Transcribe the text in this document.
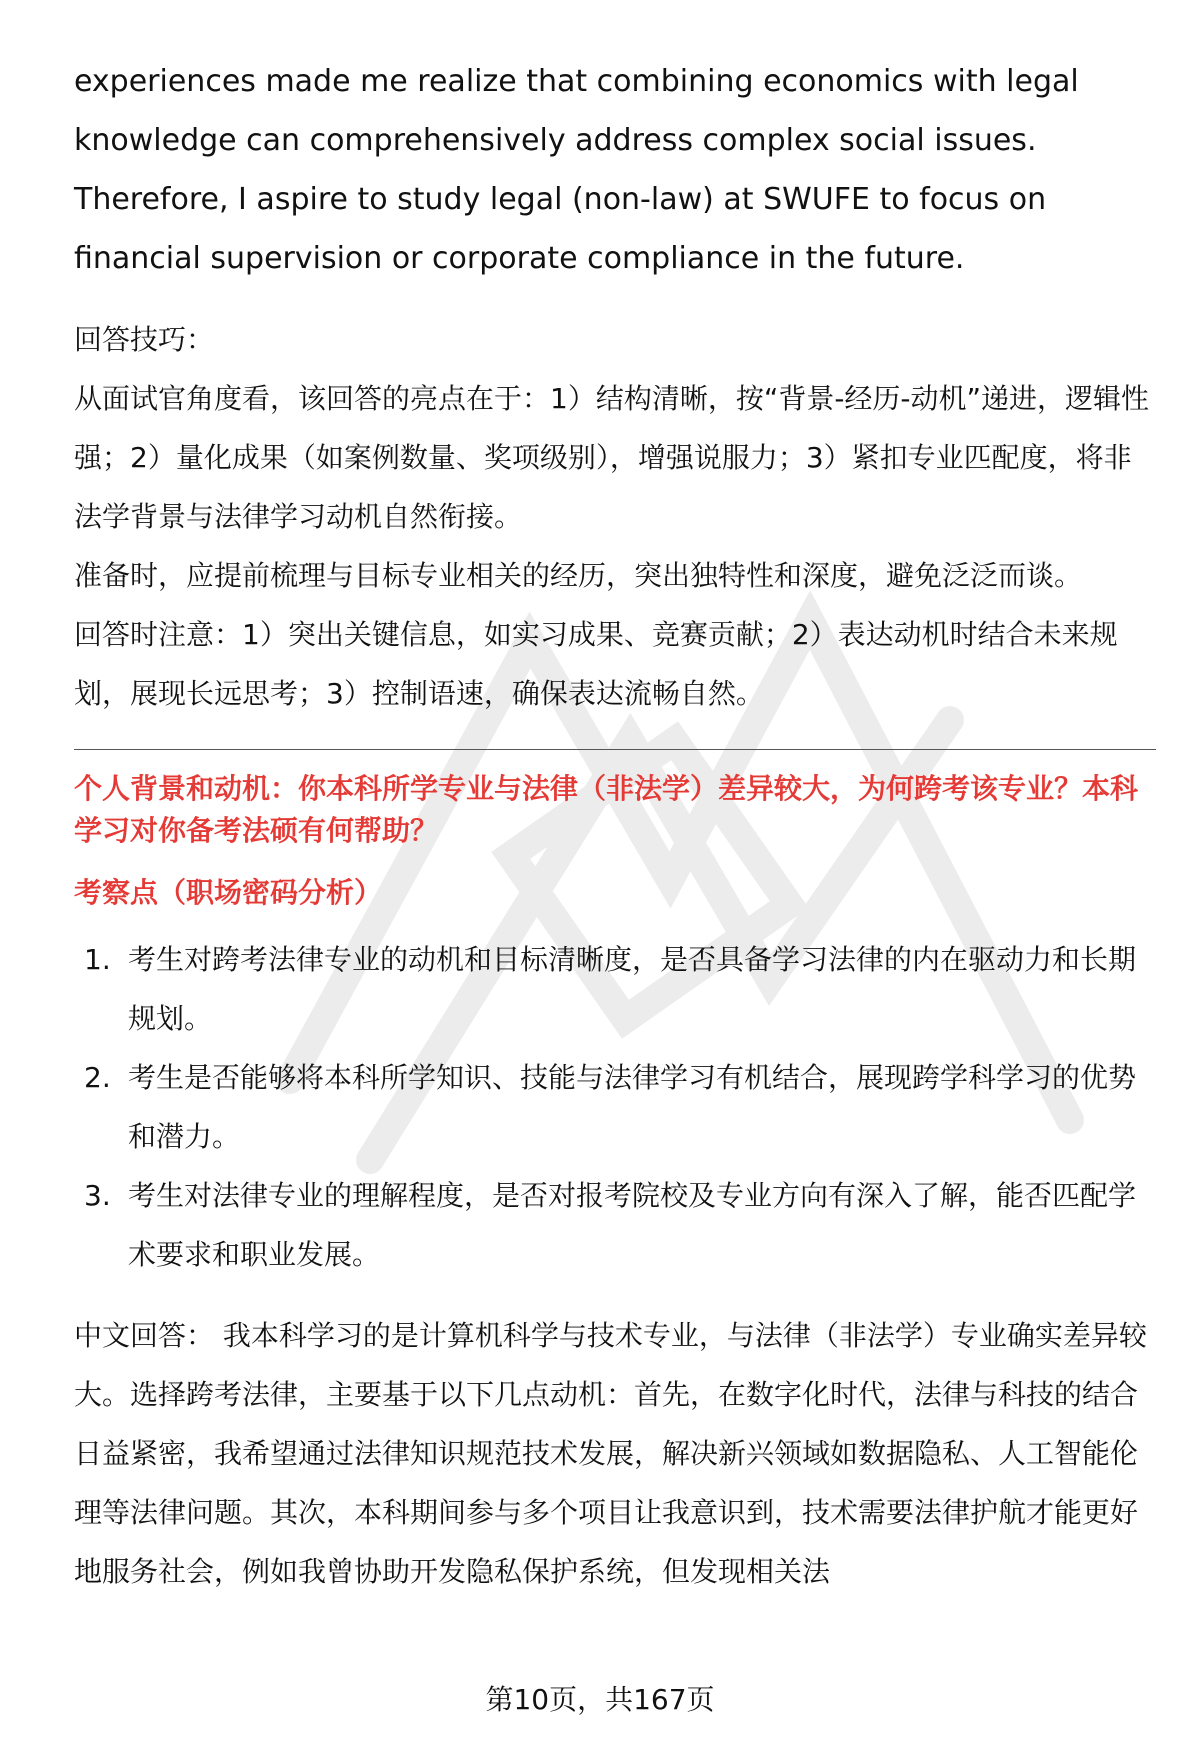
experiences made me realize that combining economics with legal knowledge can comprehensively address complex social issues. Therefore, I aspire to study legal (non-law) at SWUFE to focus on financial supervision or corporate compliance in the future.

回答技巧：

从面试官角度看，该回答的亮点在于：1）结构清晰，按“背景-经历-动机”递进，逻辑性强；2）量化成果（如案例数量、奖项级别），增强说服力；3）紧扣专业匹配度，将非法学背景与法律学习动机自然衔接。

准备时，应提前梳理与目标专业相关的经历，突出独特性和深度，避免泛泛而谈。

回答时注意：1）突出关键信息，如实习成果、竞赛贡献；2）表达动机时结合未来规划，展现长远思考；3）控制语速，确保表达流畅自然。

个人背景和动机：你本科所学专业与法律（非法学）差异较大，为何跨考该专业？本科学习对你备考法硕有何帮助？

考察点（职场密码分析）

1. 考生对跨考法律专业的动机和目标清晰度，是否具备学习法律的内在驱动力和长期规划。
2. 考生是否能够将本科所学知识、技能与法律学习有机结合，展现跨学科学习的优势和潜力。
3. 考生对法律专业的理解程度，是否对报考院校及专业方向有深入了解，能否匹配学术要求和职业发展。

中文回答： 我本科学习的是计算机科学与技术专业，与法律（非法学）专业确实差异较大。选择跨考法律，主要基于以下几点动机：首先，在数字化时代，法律与科技的结合日益紧密，我希望通过法律知识规范技术发展，解决新兴领域如数据隐私、人工智能伦理等法律问题。其次，本科期间参与多个项目让我意识到，技术需要法律护航才能更好地服务社会，例如我曾协助开发隐私保护系统，但发现相关法

第10页，共167页
